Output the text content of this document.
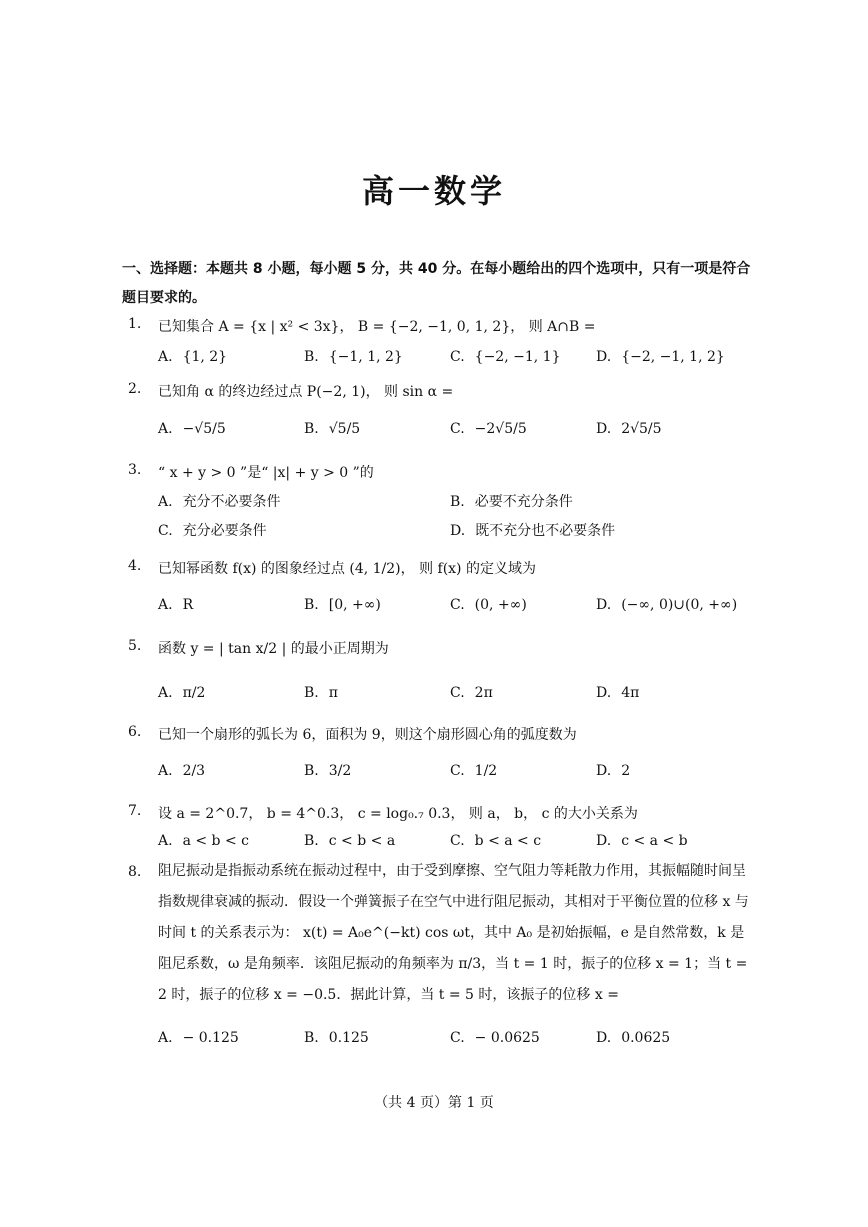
高一数学
一、选择题：本题共 8 小题，每小题 5 分，共 40 分。在每小题给出的四个选项中，只有一项是符合题目要求的。
1. 已知集合 A = {x | x² < 3x}， B = {−2, −1, 0, 1, 2}， 则 A∩B =
A. {1, 2}	B. {−1, 1, 2}	C. {−2, −1, 1}	D. {−2, −1, 1, 2}
2. 已知角 α 的终边经过点 P(−2, 1)， 则 sin α =
A. −√5/5	B. √5/5	C. −2√5/5	D. 2√5/5
3. “ x + y > 0 ”是“ |x| + y > 0 ”的
A. 充分不必要条件	B. 必要不充分条件
C. 充分必要条件	D. 既不充分也不必要条件
4. 已知幂函数 f(x) 的图象经过点 (4, 1/2)， 则 f(x) 的定义域为
A. R	B. [0, +∞)	C. (0, +∞)	D. (−∞, 0)∪(0, +∞)
5. 函数 y = | tan x/2 | 的最小正周期为
A. π/2	B. π	C. 2π	D. 4π
6. 已知一个扇形的弧长为 6，面积为 9，则这个扇形圆心角的弧度数为
A. 2/3	B. 3/2	C. 1/2	D. 2
7. 设 a = 2^0.7， b = 4^0.3， c = log₀.₇ 0.3， 则 a， b， c 的大小关系为
A. a < b < c	B. c < b < a	C. b < a < c	D. c < a < b
8. 阻尼振动是指振动系统在振动过程中，由于受到摩擦、空气阻力等耗散力作用，其振幅随时间呈指数规律衰减的振动．假设一个弹簧振子在空气中进行阻尼振动，其相对于平衡位置的位移 x 与时间 t 的关系表示为： x(t) = A₀e^(−kt) cos ωt，其中 A₀ 是初始振幅，e 是自然常数，k 是阻尼系数，ω 是角频率．该阻尼振动的角频率为 π/3，当 t = 1 时，振子的位移 x = 1；当 t = 2 时，振子的位移 x = −0.5．据此计算，当 t = 5 时，该振子的位移 x =
A. − 0.125	B. 0.125	C. − 0.0625	D. 0.0625
（共 4 页）第 1 页
